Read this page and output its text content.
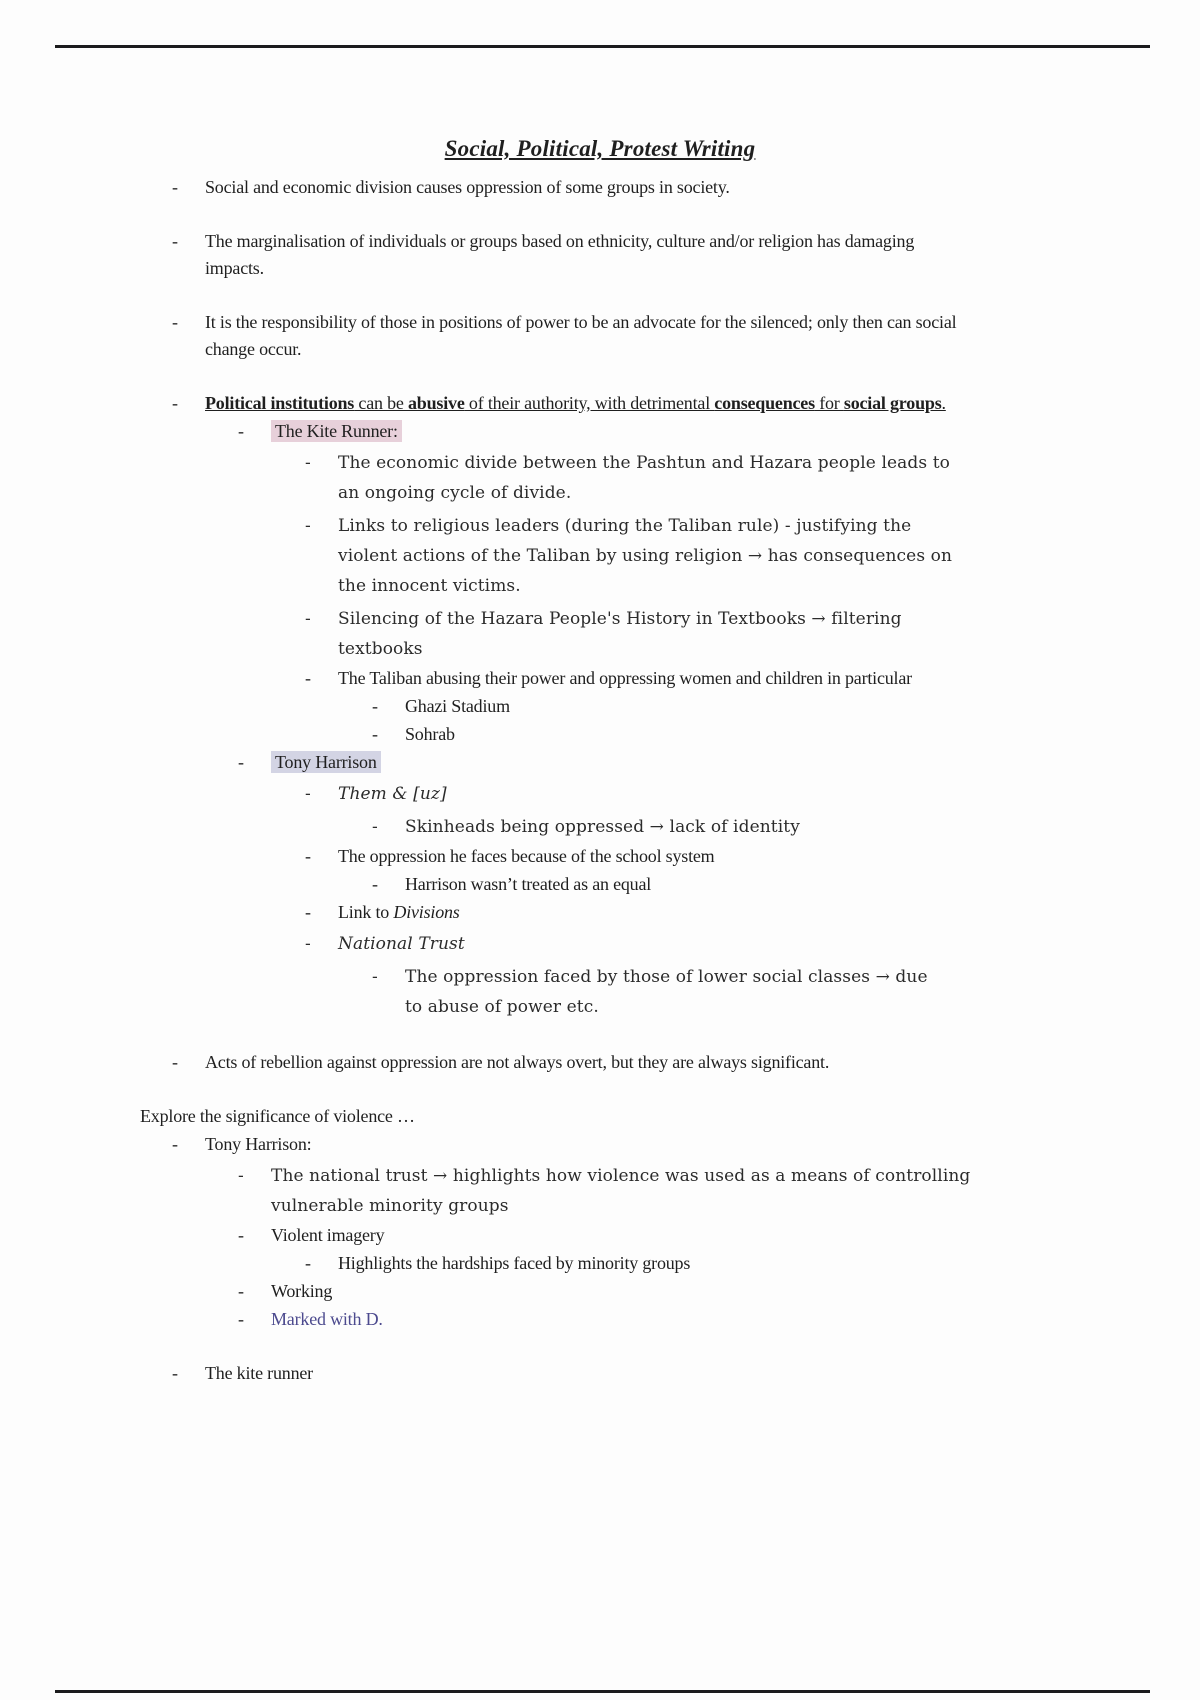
Social, Political, Protest Writing
-	Social and economic division causes oppression of some groups in society.
-	The marginalisation of individuals or groups based on ethnicity, culture and/or religion has damaging impacts.
-	It is the responsibility of those in positions of power to be an advocate for the silenced; only then can social change occur.
-	Political institutions can be abusive of their authority, with detrimental consequences for social groups.
-	The Kite Runner:
-	The economic divide between the Pashtun and Hazara people leads to an ongoing cycle of divide.
-	Links to religious leaders (during the Taliban rule) - justifying the violent actions of the Taliban by using religion → has consequences on the innocent victims.
-	Silencing of the Hazara People's History in Textbooks → filtering textbooks
-	The Taliban abusing their power and oppressing women and children in particular
-	Ghazi Stadium
-	Sohrab
-	Tony Harrison
-	Them & [uz]
-	Skinheads being oppressed → lack of identity
-	The oppression he faces because of the school system
-	Harrison wasn’t treated as an equal
-	Link to Divisions
-	National Trust
-	The oppression faced by those of lower social classes → due to abuse of power etc.
-	Acts of rebellion against oppression are not always overt, but they are always significant.
Explore the significance of violence …
-	Tony Harrison:
-	The national trust → highlights how violence was used as a means of controlling vulnerable minority groups
-	Violent imagery
-	Highlights the hardships faced by minority groups
-	Working
-	Marked with D.
-	The kite runner
